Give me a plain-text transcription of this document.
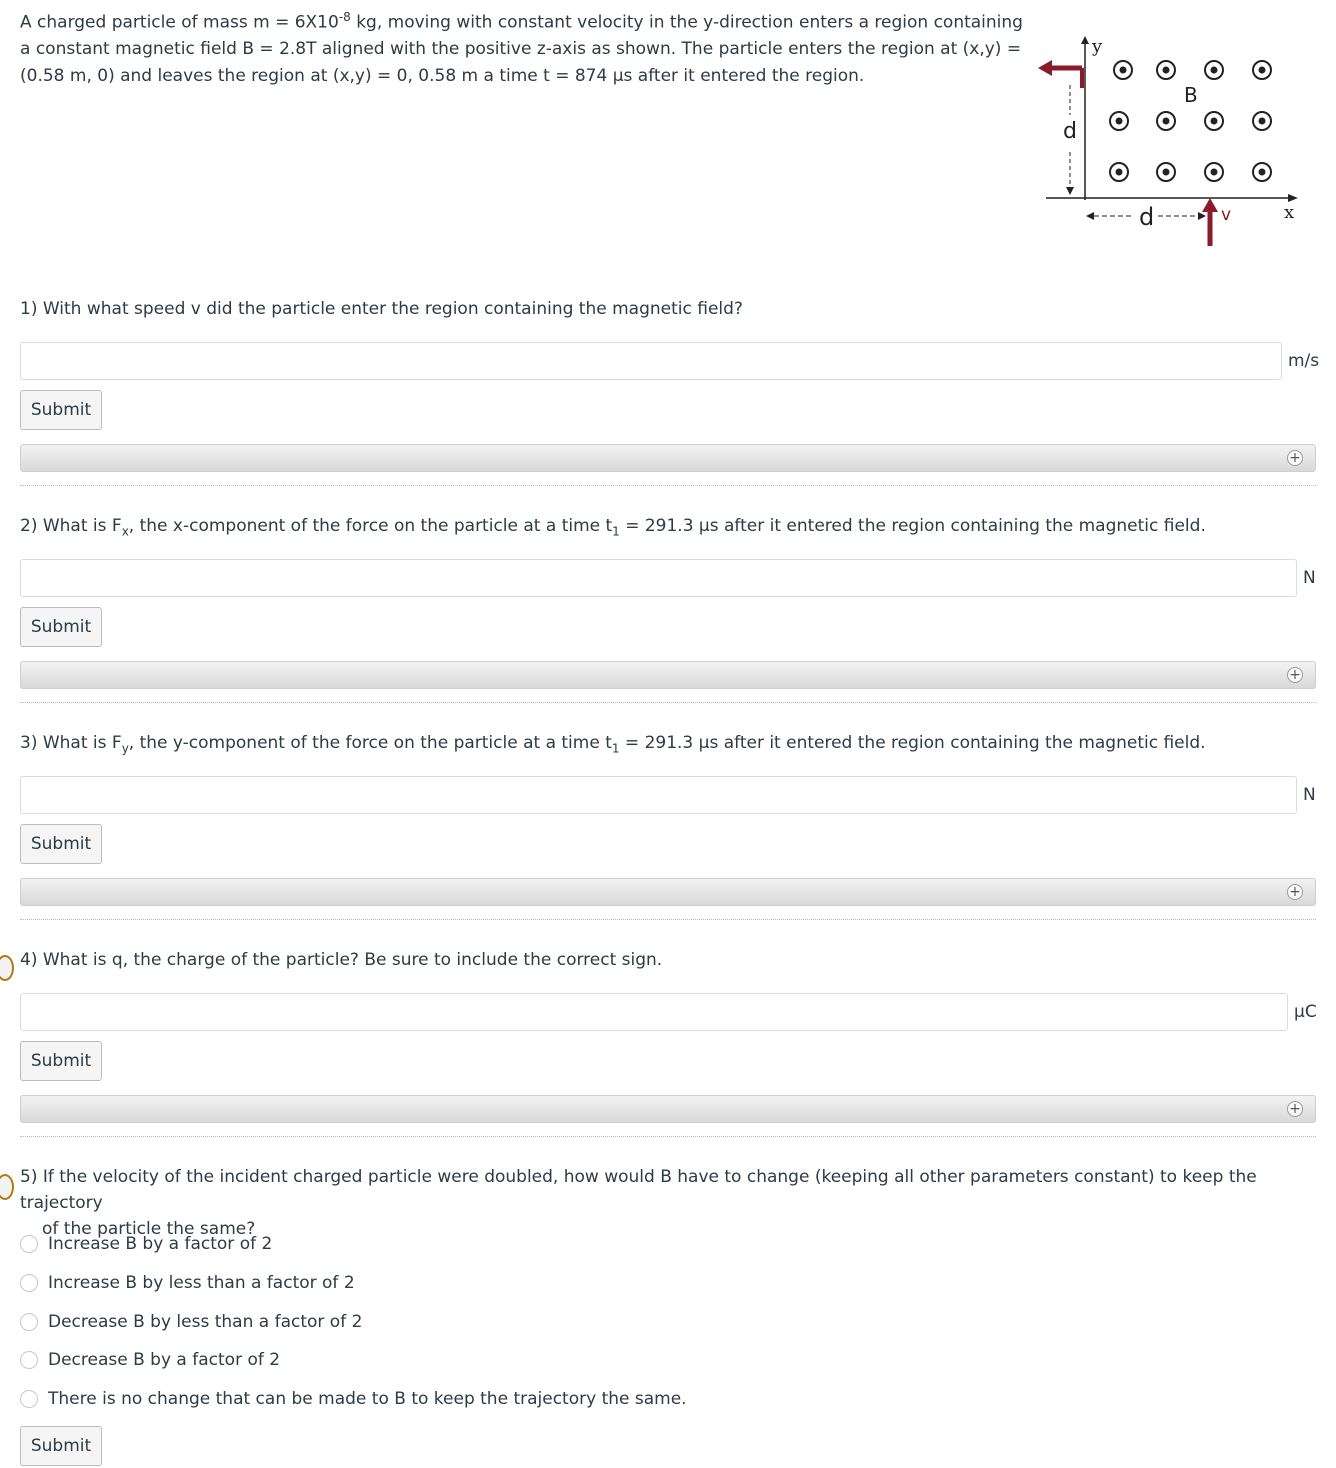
A charged particle of mass $m = 6X10^{-8}$ kg, moving with constant velocity in the y-direction enters a region containing a constant magnetic field B = 2.8T aligned with the positive z-axis as shown. The particle enters the region at (x,y) = (0.58 m, 0) and leaves the region at (x,y) = 0, 0.58 m a time t = 874 μs after it entered the region.
y
x
d
d	v
B
1) With what speed v did the particle enter the region containing the magnetic field?
m/s
Submit
+
2) What is $F_x$, the x-component of the force on the particle at a time $t_1 = 291.3$ μs after it entered the region containing the magnetic field.
N
Submit
+
3) What is $F_y$, the y-component of the force on the particle at a time $t_1 = 291.3$ μs after it entered the region containing the magnetic field.
N
Submit
+
4) What is q, the charge of the particle? Be sure to include the correct sign.
μC
Submit
+
5) If the velocity of the incident charged particle were doubled, how would B have to change (keeping all other parameters constant) to keep the trajectory
of the particle the same?
Increase B by a factor of 2
Increase B by less than a factor of 2
Decrease B by less than a factor of 2
Decrease B by a factor of 2
There is no change that can be made to B to keep the trajectory the same.
Submit
